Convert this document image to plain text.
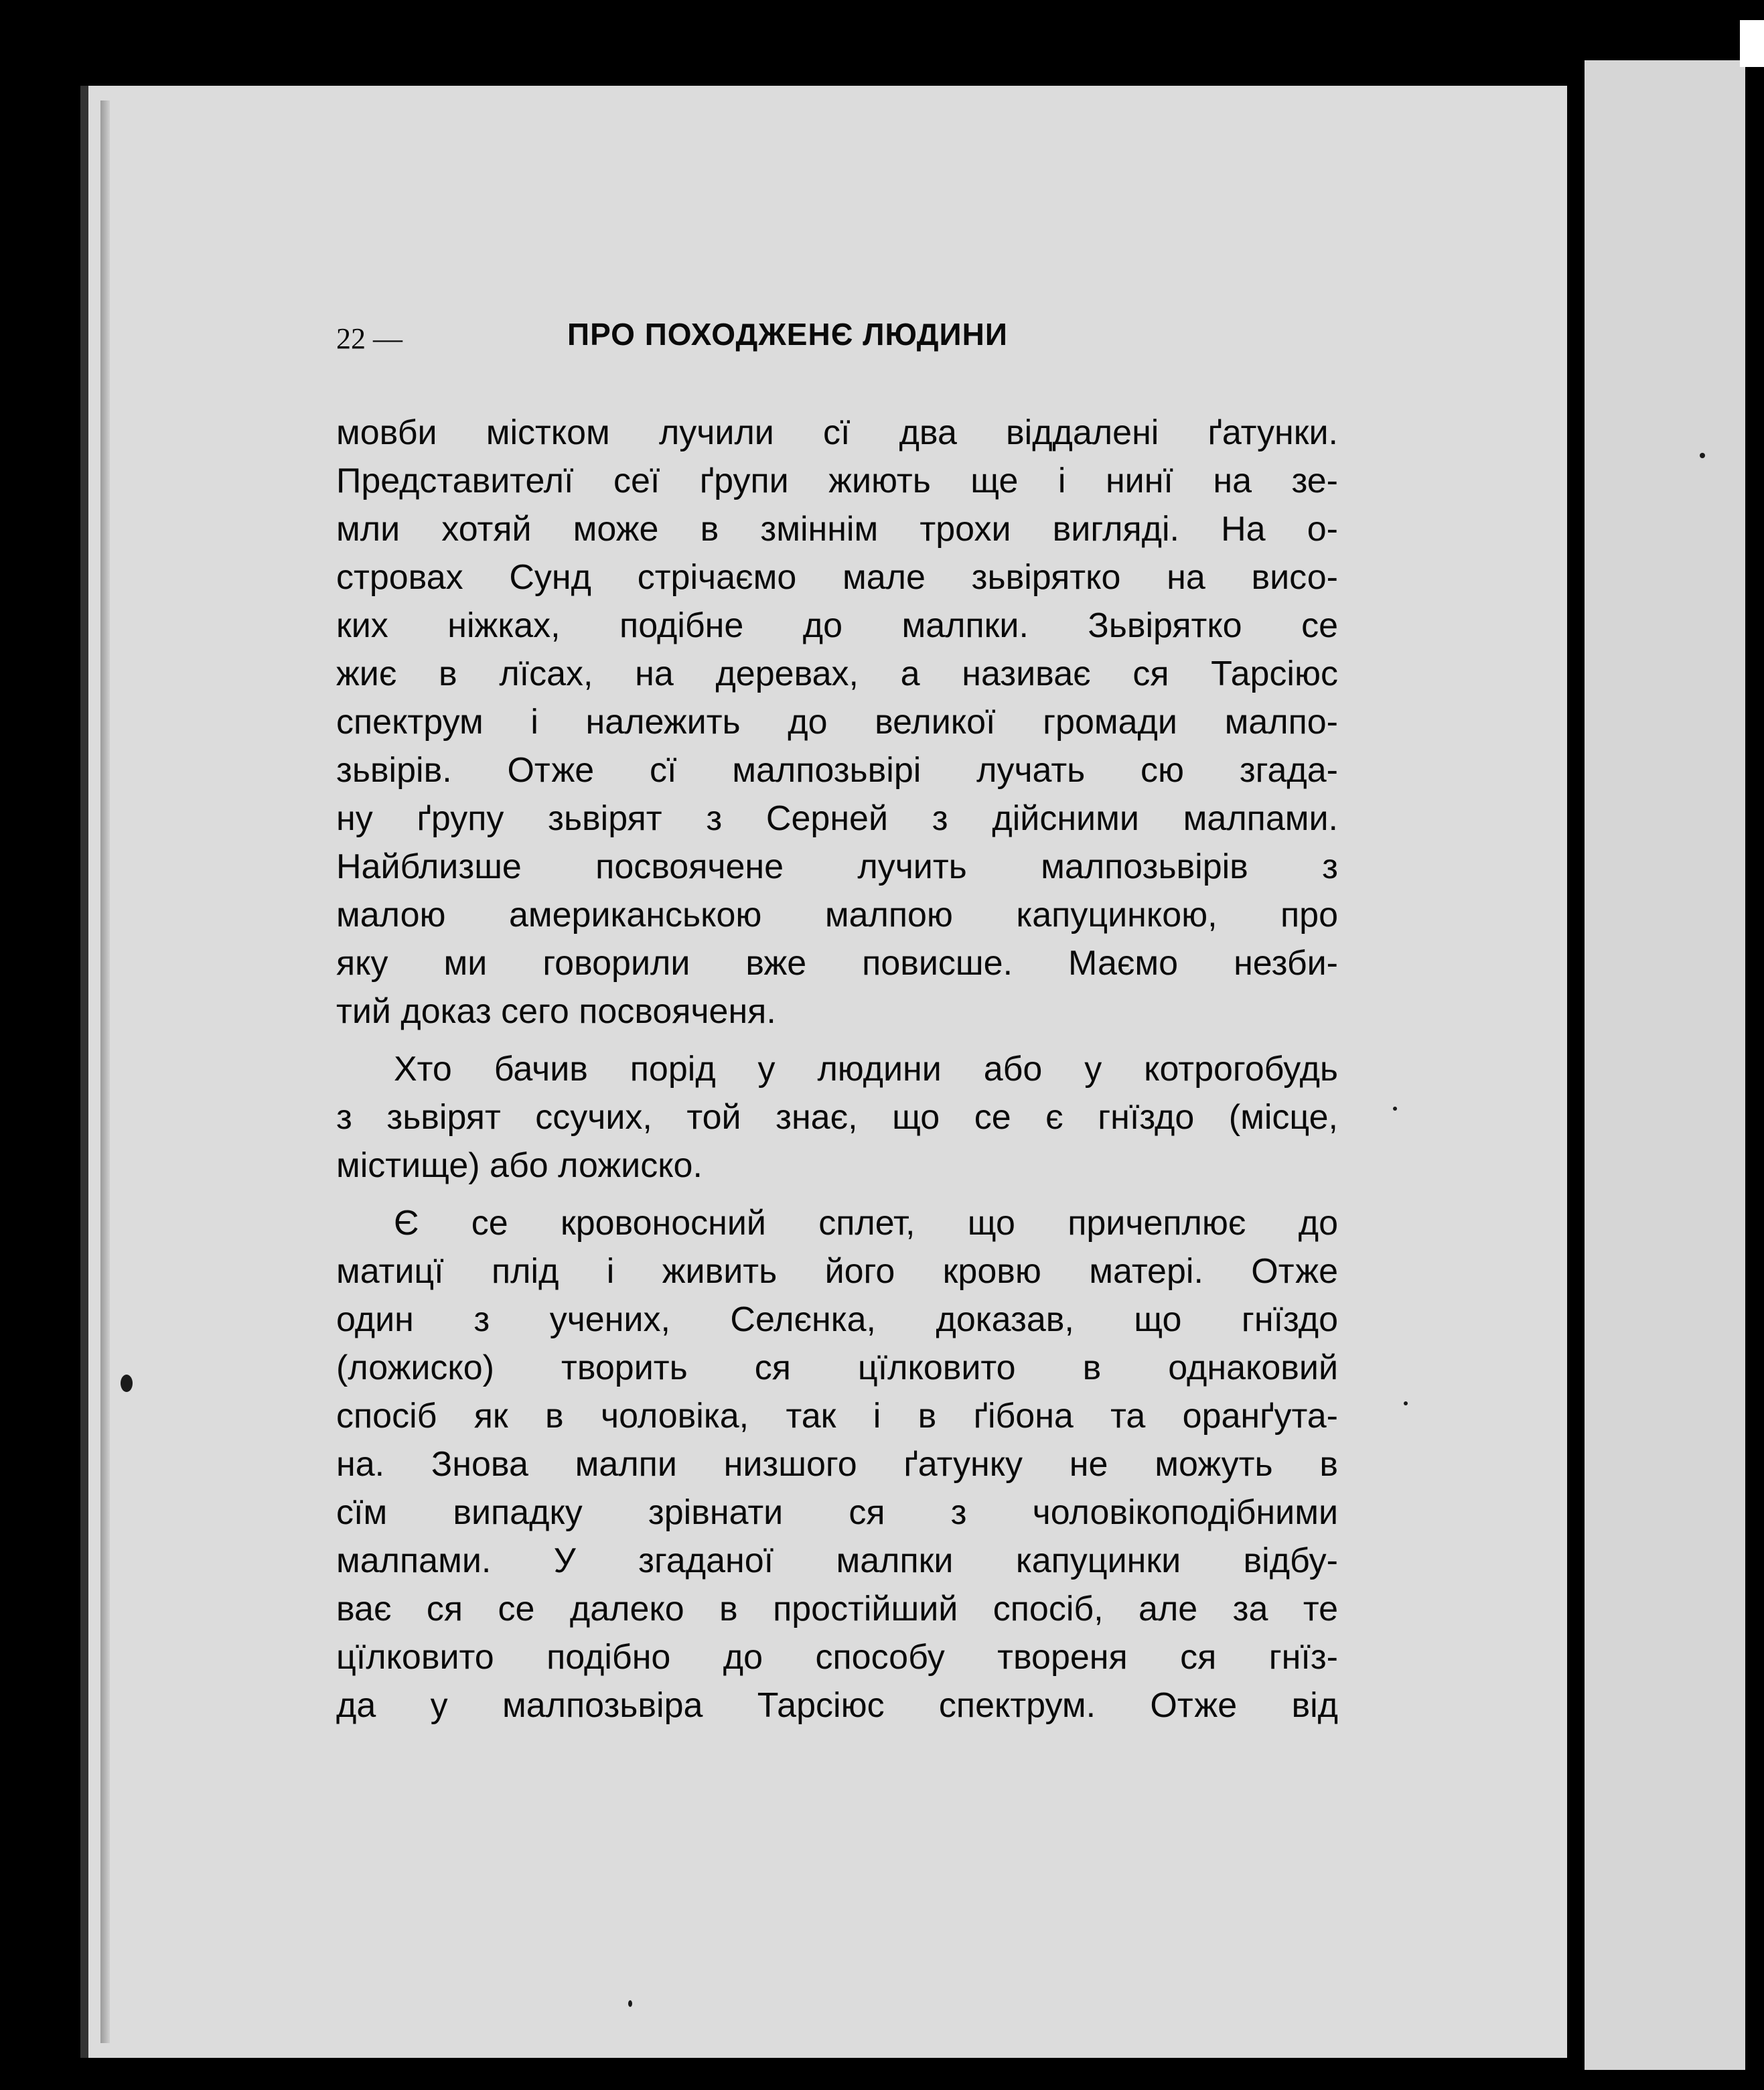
22 —	ПРО ПОХОДЖЕНЄ ЛЮДИНИ
мовби містком лучили сї два віддалені ґатунки.
Представителї сеї ґрупи жиють ще і нинї на зе-
мли хотяй може в змiннiм трохи вигляді. На о-
стровах Сунд стрічаємо мале зьвірятко на висо-
ких ніжках, подібне до малпки. Зьвірятко се
жиє в лїсах, на деревах, а називає ся Тарсіюс
спектрум і належить до великої громади малпо-
зьвірів. Отже сї малпозьвірі лучать сю згада-
ну ґрупу зьвірят з Серней з дійсними малпами.
Найблизше посвоячене лучить малпозьвірів з
малою американською малпою капуцинкою, про
яку ми говорили вже повисше. Маємо незби-
тий доказ сего посвояченя.
Хто бачив порід у людини або у котрогобудь
з зьвірят ссучих, той знає, що се є гнїздо (місце,
містище) або ложиско.
Є се кровоносний сплет, що причеплює до
матицї плід і живить його кровю матері. Отже
один з учених, Селєнка, доказав, що гнїздо
(ложиско) творить ся цїлковито в однаковий
спосіб як в чоловіка, так і в ґібона та оранґута-
на. Знова малпи низшого ґатунку не можуть в
сїм випадку зрівнати ся з чоловікоподібними
малпами. У згаданої малпки капуцинки відбу-
ває ся се далеко в простійший спосіб, але за те
цїлковито подібно до способу твореня ся гнїз-
да у малпозьвіра Тарсіюс спектрум. Отже від
